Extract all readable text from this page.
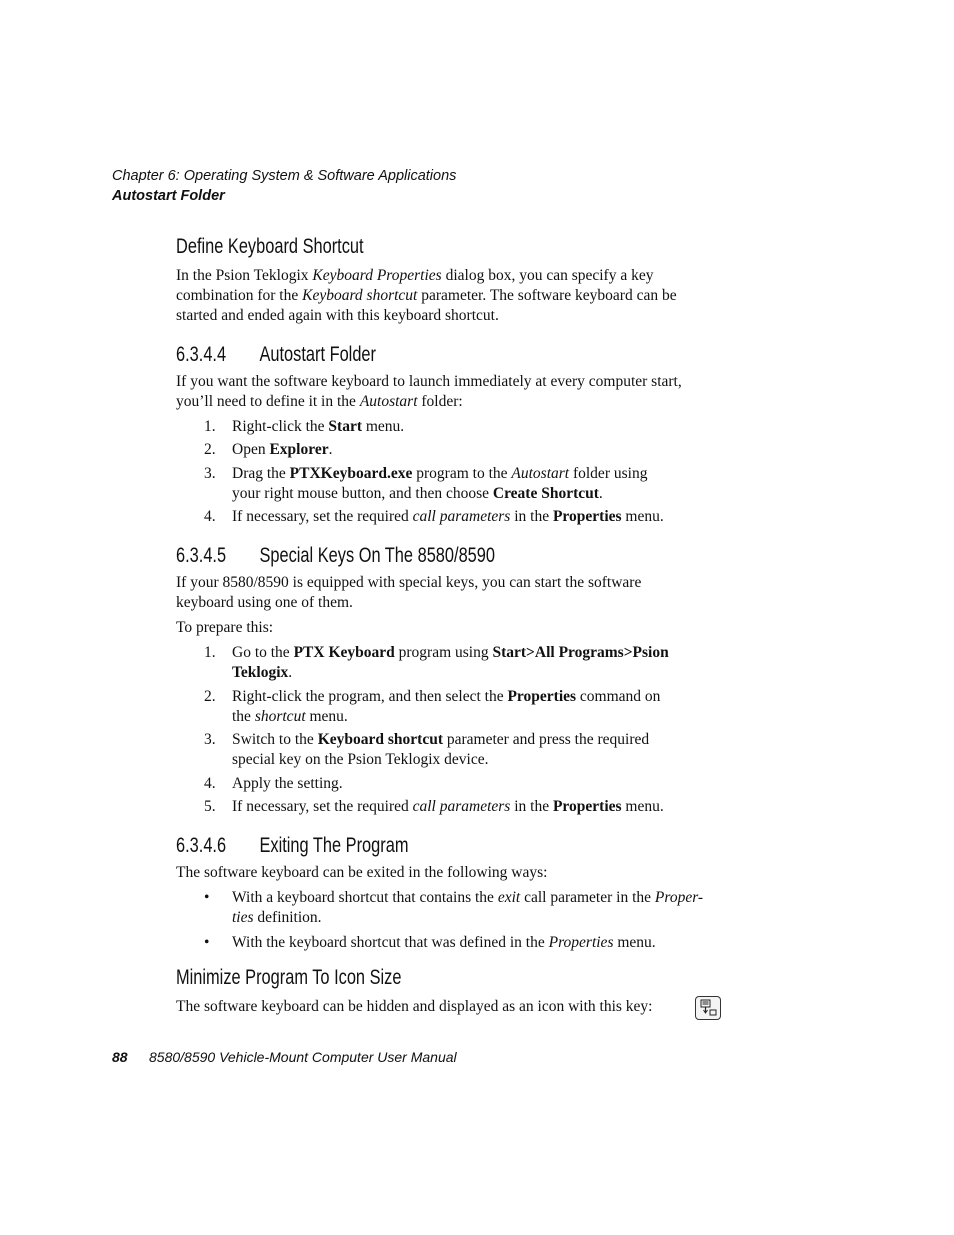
Chapter 6: Operating System & Software Applications
Autostart Folder
Define Keyboard Shortcut
In the Psion Teklogix Keyboard Properties dialog box, you can specify a key
combination for the Keyboard shortcut parameter. The software keyboard can be
started and ended again with this keyboard shortcut.
6.3.4.4 Autostart Folder
If you want the software keyboard to launch immediately at every computer start,
you’ll need to define it in the Autostart folder:
1. Right-click the Start menu.
2. Open Explorer.
3. Drag the PTXKeyboard.exe program to the Autostart folder using
your right mouse button, and then choose Create Shortcut.
4. If necessary, set the required call parameters in the Properties menu.
6.3.4.5 Special Keys On The 8580/8590
If your 8580/8590 is equipped with special keys, you can start the software
keyboard using one of them.
To prepare this:
1. Go to the PTX Keyboard program using Start>All Programs>Psion
Teklogix.
2. Right-click the program, and then select the Properties command on
the shortcut menu.
3. Switch to the Keyboard shortcut parameter and press the required
special key on the Psion Teklogix device.
4. Apply the setting.
5. If necessary, set the required call parameters in the Properties menu.
6.3.4.6 Exiting The Program
The software keyboard can be exited in the following ways:
• With a keyboard shortcut that contains the exit call parameter in the Proper-
ties definition.
• With the keyboard shortcut that was defined in the Properties menu.
Minimize Program To Icon Size
The software keyboard can be hidden and displayed as an icon with this key:
88 8580/8590 Vehicle-Mount Computer User Manual
